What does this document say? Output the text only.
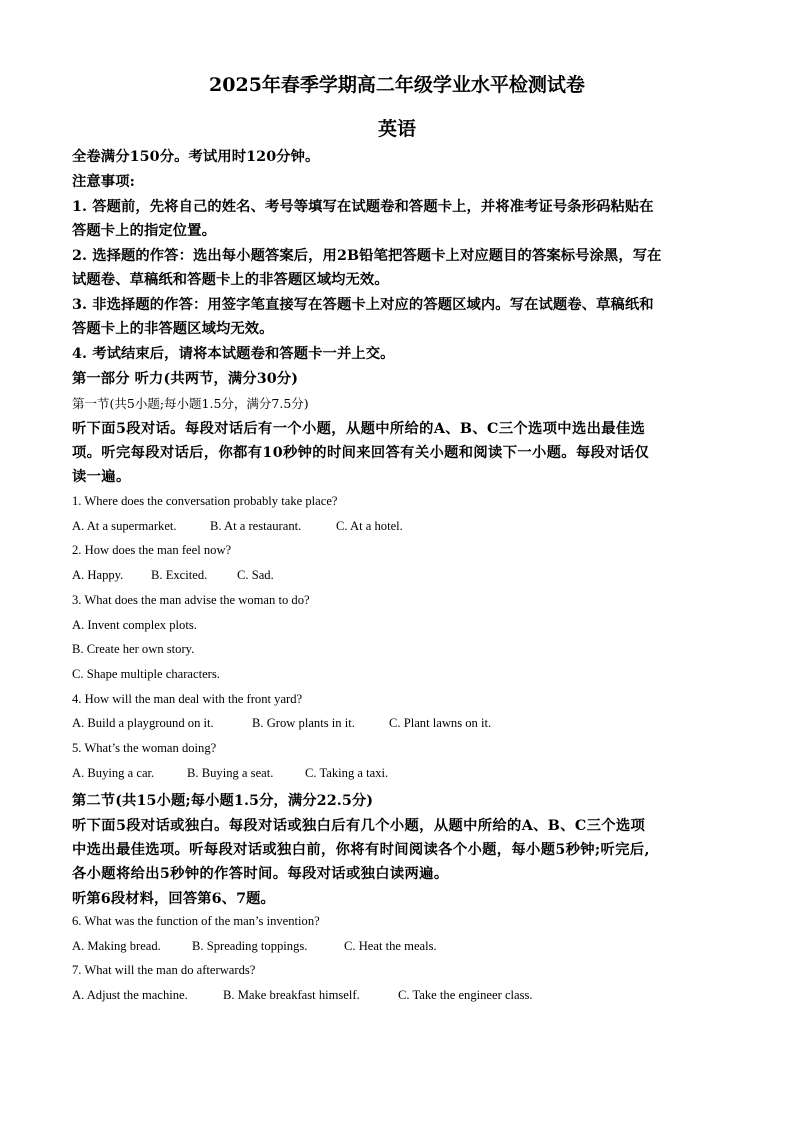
2025年春季学期高二年级学业水平检测试卷
英语
全卷满分150分。考试用时120分钟。
注意事项:
1. 答题前，先将自己的姓名、考号等填写在试题卷和答题卡上，并将准考证号条形码粘贴在
答题卡上的指定位置。
2. 选择题的作答：选出每小题答案后，用2B铅笔把答题卡上对应题目的答案标号涂黑，写在
试题卷、草稿纸和答题卡上的非答题区域均无效。
3. 非选择题的作答：用签字笔直接写在答题卡上对应的答题区域内。写在试题卷、草稿纸和
答题卡上的非答题区域均无效。
4. 考试结束后，请将本试题卷和答题卡一并上交。
第一部分 听力(共两节，满分30分)
第一节(共5小题;每小题1.5分，满分7.5分)
听下面5段对话。每段对话后有一个小题，从题中所给的A、B、C三个选项中选出最佳选
项。听完每段对话后，你都有10秒钟的时间来回答有关小题和阅读下一小题。每段对话仅
读一遍。
1. Where does the conversation probably take place?
A. At a supermarket.	B. At a restaurant.	C. At a hotel.
2. How does the man feel now?
A. Happy. B. Excited. C. Sad.
3. What does the man advise the woman to do?
A. Invent complex plots.
B. Create her own story.
C. Shape multiple characters.
4. How will the man deal with the front yard?
A. Build a playground on it.	B. Grow plants in it.	C. Plant lawns on it.
5. What’s the woman doing?
A. Buying a car.	B. Buying a seat.	C. Taking a taxi.
第二节(共15小题;每小题1.5分，满分22.5分)
听下面5段对话或独白。每段对话或独白后有几个小题，从题中所给的A、B、C三个选项
中选出最佳选项。听每段对话或独白前，你将有时间阅读各个小题，每小题5秒钟;听完后,
各小题将给出5秒钟的作答时间。每段对话或独白读两遍。
听第6段材料，回答第6、7题。
6. What was the function of the man’s invention?
A. Making bread. B. Spreading toppings.	C. Heat the meals.
7. What will the man do afterwards?
A. Adjust the machine.	B. Make breakfast himself.	C. Take the engineer class.
